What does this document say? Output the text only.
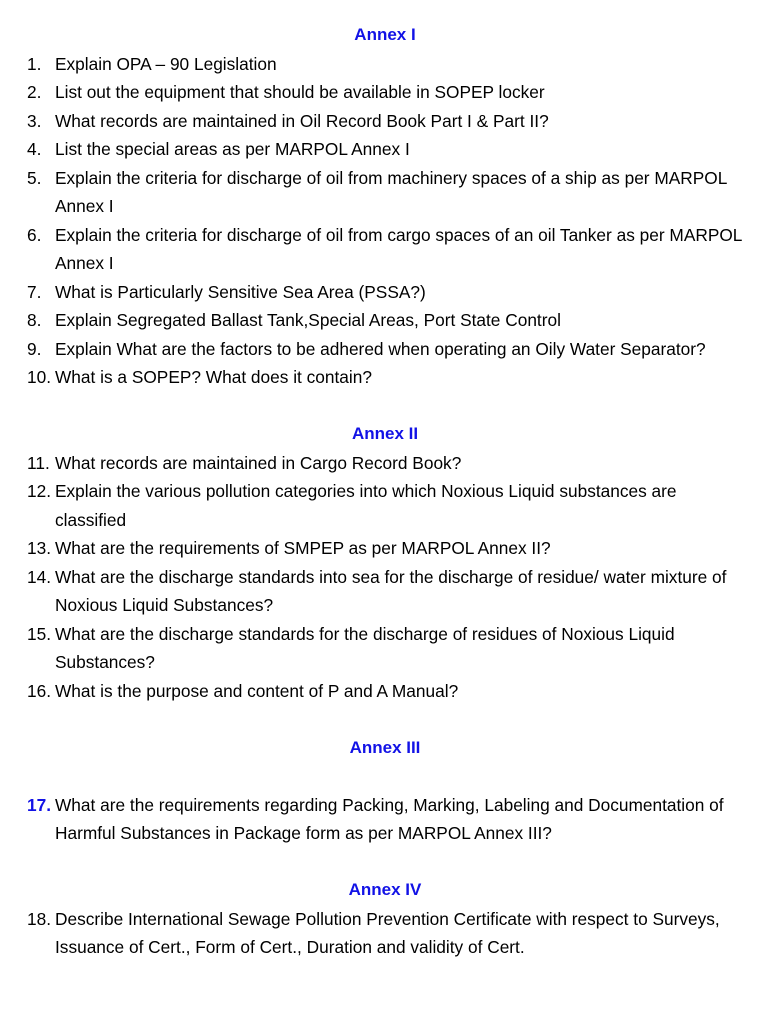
Annex I
1. Explain OPA – 90 Legislation
2. List out the equipment that should be available in SOPEP locker
3. What records are maintained in Oil Record Book Part I & Part II?
4. List the special areas as per MARPOL Annex I
5. Explain the criteria for discharge of oil from machinery spaces of a ship as per MARPOL Annex I
6. Explain the criteria for discharge of oil from cargo spaces of an oil Tanker as per MARPOL Annex I
7. What is Particularly Sensitive Sea Area (PSSA?)
8. Explain Segregated Ballast Tank,Special Areas, Port State Control
9. Explain What are the factors to be adhered when operating an Oily Water Separator?
10. What is a SOPEP? What does it contain?
Annex II
11. What records are maintained in Cargo Record Book?
12. Explain the various pollution categories into which Noxious Liquid substances are classified
13. What are the requirements of SMPEP as per MARPOL Annex II?
14. What are the discharge standards into sea for the discharge of residue/ water mixture of Noxious Liquid Substances?
15. What are the discharge standards for the discharge of residues of Noxious Liquid Substances?
16. What is the purpose and content of P and A Manual?
Annex III
17. What are the requirements regarding Packing, Marking, Labeling and Documentation of Harmful Substances in Package form as per MARPOL Annex III?
Annex IV
18. Describe International Sewage Pollution Prevention Certificate with respect to Surveys, Issuance of Cert., Form of Cert., Duration and validity of Cert.
